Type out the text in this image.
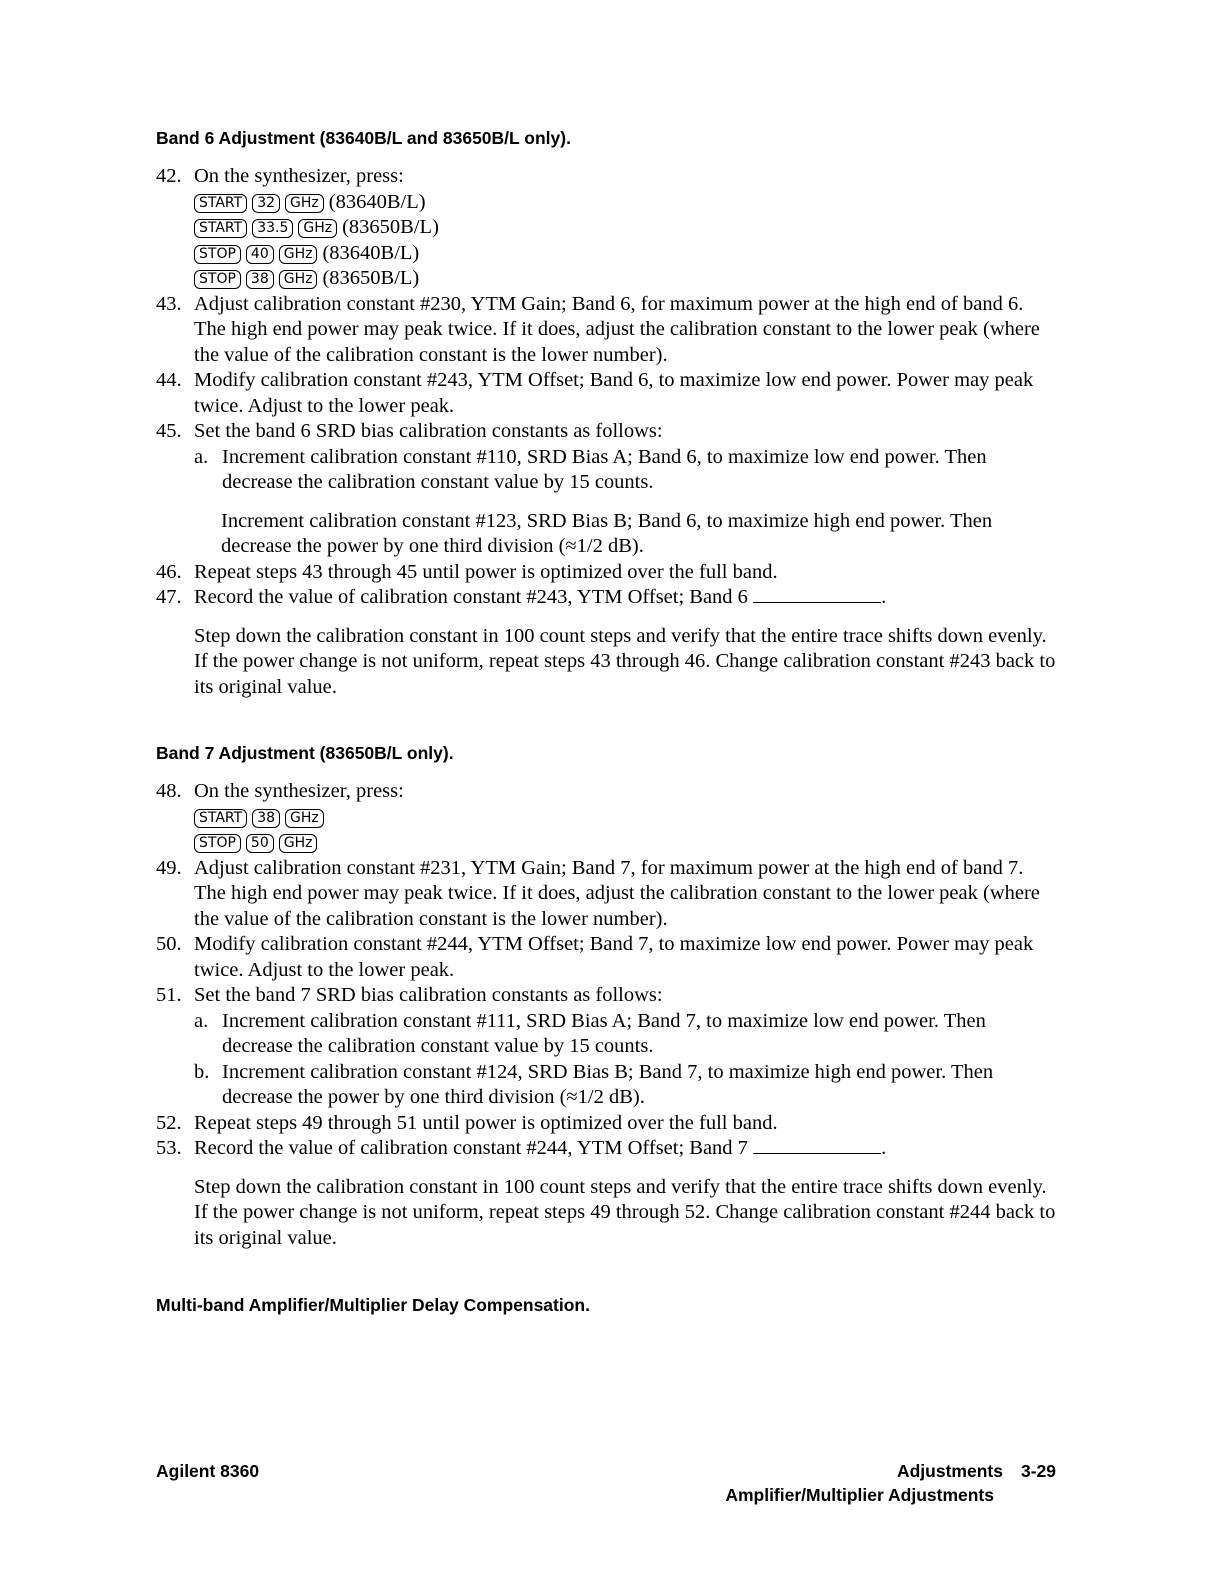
Band 6 Adjustment (83640B/L and 83650B/L only).
42. On the synthesizer, press:
START 32 GHz (83640B/L)
START 33.5 GHz (83650B/L)
STOP 40 GHz (83640B/L)
STOP 38 GHz (83650B/L)
43. Adjust calibration constant #230, YTM Gain; Band 6, for maximum power at the high end of band 6. The high end power may peak twice. If it does, adjust the calibration constant to the lower peak (where the value of the calibration constant is the lower number).
44. Modify calibration constant #243, YTM Offset; Band 6, to maximize low end power. Power may peak twice. Adjust to the lower peak.
45. Set the band 6 SRD bias calibration constants as follows:
a. Increment calibration constant #110, SRD Bias A; Band 6, to maximize low end power. Then decrease the calibration constant value by 15 counts.
Increment calibration constant #123, SRD Bias B; Band 6, to maximize high end power. Then decrease the power by one third division (≈1/2 dB).
46. Repeat steps 43 through 45 until power is optimized over the full band.
47. Record the value of calibration constant #243, YTM Offset; Band 6	.
Step down the calibration constant in 100 count steps and verify that the entire trace shifts down evenly. If the power change is not uniform, repeat steps 43 through 46. Change calibration constant #243 back to its original value.
Band 7 Adjustment (83650B/L only).
48. On the synthesizer, press:
START 38 GHz
STOP 50 GHz
49. Adjust calibration constant #231, YTM Gain; Band 7, for maximum power at the high end of band 7. The high end power may peak twice. If it does, adjust the calibration constant to the lower peak (where the value of the calibration constant is the lower number).
50. Modify calibration constant #244, YTM Offset; Band 7, to maximize low end power. Power may peak twice. Adjust to the lower peak.
51. Set the band 7 SRD bias calibration constants as follows:
a. Increment calibration constant #111, SRD Bias A; Band 7, to maximize low end power. Then decrease the calibration constant value by 15 counts.
b. Increment calibration constant #124, SRD Bias B; Band 7, to maximize high end power. Then decrease the power by one third division (≈1/2 dB).
52. Repeat steps 49 through 51 until power is optimized over the full band.
53. Record the value of calibration constant #244, YTM Offset; Band 7	.
Step down the calibration constant in 100 count steps and verify that the entire trace shifts down evenly. If the power change is not uniform, repeat steps 49 through 52. Change calibration constant #244 back to its original value.
Multi-band Amplifier/Multiplier Delay Compensation.
Agilent 8360	Adjustments 3-29
Amplifier/Multiplier Adjustments
